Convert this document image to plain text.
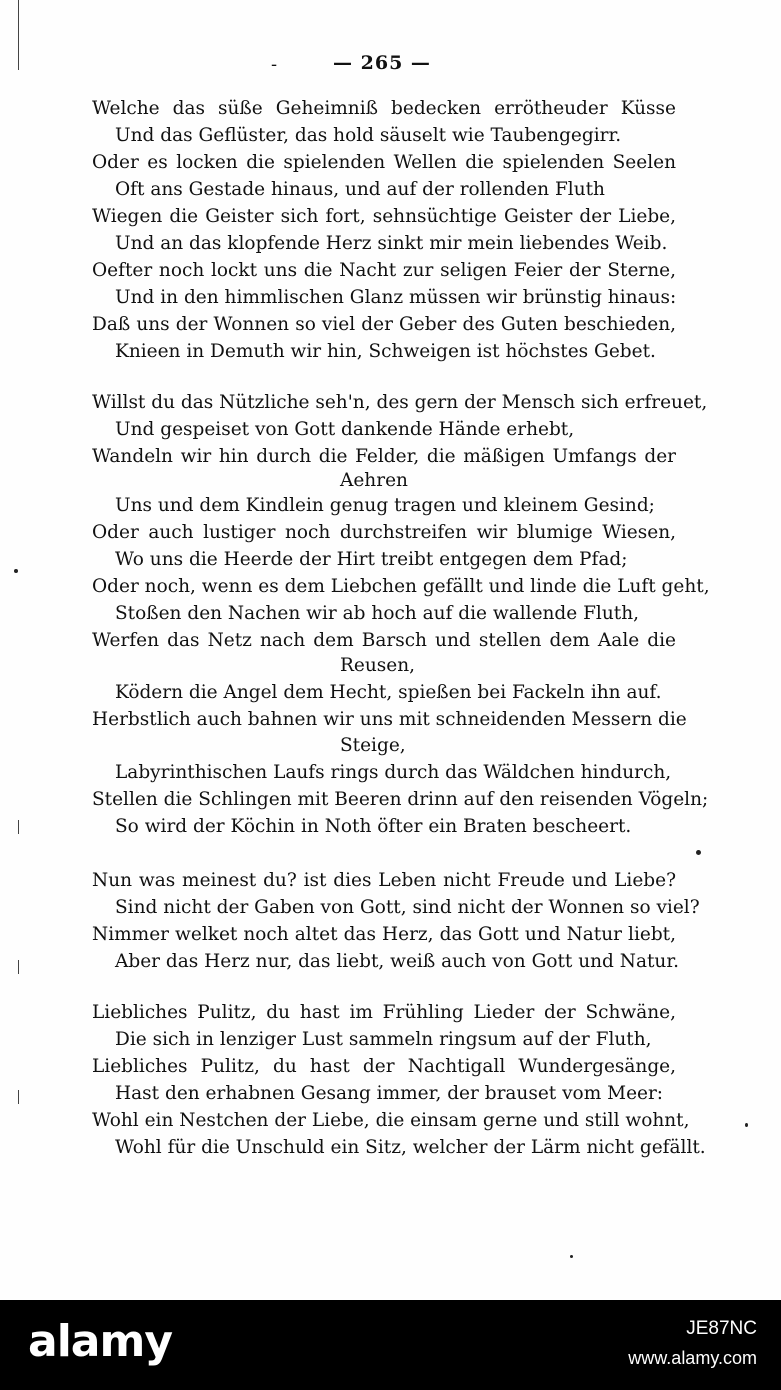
-	— 265 —
Welche das süße Geheimniß bedecken errötheuder Küsse
Und das Geflüster, das hold säuselt wie Taubengegirr.
Oder es locken die spielenden Wellen die spielenden Seelen
Oft ans Gestade hinaus, und auf der rollenden Fluth
Wiegen die Geister sich fort, sehnsüchtige Geister der Liebe,
Und an das klopfende Herz sinkt mir mein liebendes Weib.
Oefter noch lockt uns die Nacht zur seligen Feier der Sterne,
Und in den himmlischen Glanz müssen wir brünstig hinaus:
Daß uns der Wonnen so viel der Geber des Guten beschieden,
Knieen in Demuth wir hin, Schweigen ist höchstes Gebet.
Willst du das Nützliche seh'n, des gern der Mensch sich erfreuet,
Und gespeiset von Gott dankende Hände erhebt,
Wandeln wir hin durch die Felder, die mäßigen Umfangs der
Aehren
Uns und dem Kindlein genug tragen und kleinem Gesind;
Oder auch lustiger noch durchstreifen wir blumige Wiesen,
Wo uns die Heerde der Hirt treibt entgegen dem Pfad;
Oder noch, wenn es dem Liebchen gefällt und linde die Luft geht,
Stoßen den Nachen wir ab hoch auf die wallende Fluth,
Werfen das Netz nach dem Barsch und stellen dem Aale die
Reusen,
Ködern die Angel dem Hecht, spießen bei Fackeln ihn auf.
Herbstlich auch bahnen wir uns mit schneidenden Messern die
Steige,
Labyrinthischen Laufs rings durch das Wäldchen hindurch,
Stellen die Schlingen mit Beeren drinn auf den reisenden Vögeln;
So wird der Köchin in Noth öfter ein Braten bescheert.
Nun was meinest du? ist dies Leben nicht Freude und Liebe?
Sind nicht der Gaben von Gott, sind nicht der Wonnen so viel?
Nimmer welket noch altet das Herz, das Gott und Natur liebt,
Aber das Herz nur, das liebt, weiß auch von Gott und Natur.
Liebliches Pulitz, du hast im Frühling Lieder der Schwäne,
Die sich in lenziger Lust sammeln ringsum auf der Fluth,
Liebliches Pulitz, du hast der Nachtigall Wundergesänge,
Hast den erhabnen Gesang immer, der brauset vom Meer:
Wohl ein Nestchen der Liebe, die einsam gerne und still wohnt,
Wohl für die Unschuld ein Sitz, welcher der Lärm nicht gefällt.
alamy	JE87NC
www.alamy.com
